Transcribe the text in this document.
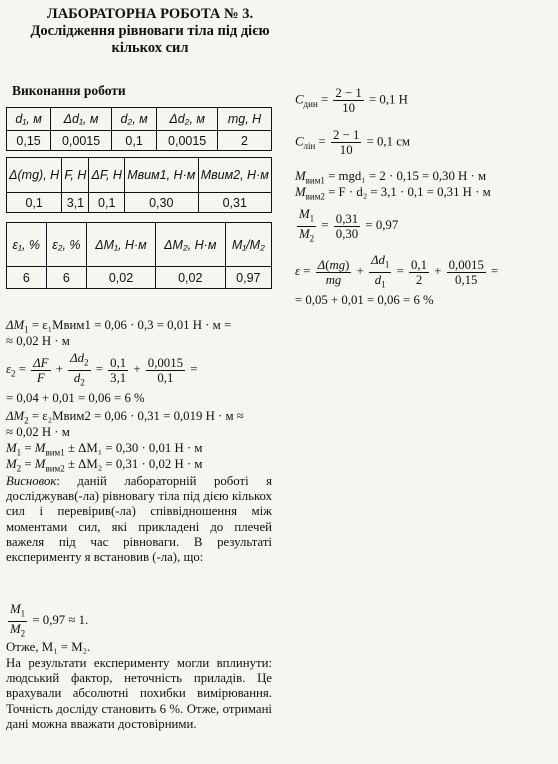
ЛАБОРАТОРНА РОБОТА № 3.
Дослідження рівноваги тіла під дією
кількох сил
Виконання роботи
d₁, м	Δd₁, м	d₂, м	Δd₂, м	mg, Н
0,15	0,0015	0,1	0,0015	2
Δ(mg), Н	F, Н	ΔF, Н	Mвим1, Н·м	Mвим2, Н·м
0,1	3,1	0,1	0,30	0,31
ε₁, %	ε₂, %	ΔM₁, Н·м	ΔM₂, Н·м	M₁/M₂
6	6	0,02	0,02	0,97
$\Delta M_1$ = ε₁Mвим1 = 0,06 · 0,3 = 0,01 Н · м =
≈ 0,02 Н · м
$\varepsilon_2 = \frac{\Delta F}{F} + \frac{\Delta d_2}{d_2} = \frac{0,1}{3,1} + \frac{0,0015}{0,1}$ =
= 0,04 + 0,01 = 0,06 = 6 %
$\Delta M_2$ = ε₂Mвим2 = 0,06 · 0,31 = 0,019 Н · м ≈
≈ 0,02 Н · м
$M_1 = M_{вим1} \pm \Delta M_1 = 0,30 \cdot 0,01$ Н · м
$M_2 = M_{вим2} \pm \Delta M_2 = 0,31 \cdot 0,02$ Н · м
Висновок: даній лабораторній роботі я досліджував(-ла) рівновагу тіла під дією кількох сил і перевірив(-ла) співвідношення між моментами сил, які прикладені до плечей важеля під час рівноваги. В результаті експерименту я встановив (-ла), що:
$\frac{M_1}{M_2} = 0,97 \approx 1$.
Отже, M₁ = M₂.
На результати експерименту могли вплинути: людський фактор, неточність приладів. Це врахували абсолютні похибки вимірювання. Точність досліду становить 6 %. Отже, отримані дані можна вважати достовірними.
$C_{дин} = \frac{2 - 1}{10} = 0,1$ Н
$C_{лін} = \frac{2 - 1}{10} = 0,1$ см
$M_{вим1} = mgd_1 = 2 \cdot 0,15 = 0,30$ Н · м
$M_{вим2} = F \cdot d_2 = 3,1 \cdot 0,1 = 0,31$ Н · м
$\frac{M_1}{M_2} = \frac{0,31}{0,30} = 0,97$
$\varepsilon = \frac{\Delta(mg)}{mg} + \frac{\Delta d_1}{d_1} = \frac{0,1}{2} + \frac{0,0015}{0,15}$ =
= 0,05 + 0,01 = 0,06 = 6 %
